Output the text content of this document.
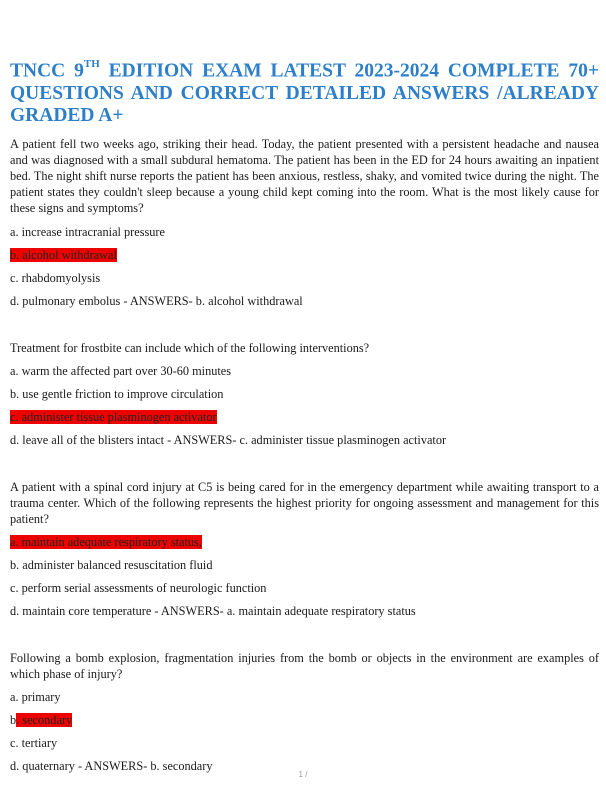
TNCC 9TH EDITION EXAM LATEST 2023-2024 COMPLETE 70+ QUESTIONS AND CORRECT DETAILED ANSWERS /ALREADY GRADED A+

A patient fell two weeks ago, striking their head. Today, the patient presented with a persistent headache and nausea and was diagnosed with a small subdural hematoma. The patient has been in the ED for 24 hours awaiting an inpatient bed. The night shift nurse reports the patient has been anxious, restless, shaky, and vomited twice during the night. The patient states they couldn't sleep because a young child kept coming into the room. What is the most likely cause for these signs and symptoms?

a. increase intracranial pressure

b. alcohol withdrawal

c. rhabdomyolysis

d. pulmonary embolus - ANSWERS- b. alcohol withdrawal

Treatment for frostbite can include which of the following interventions?

a. warm the affected part over 30-60 minutes

b. use gentle friction to improve circulation

c. administer tissue plasminogen activator

d. leave all of the blisters intact - ANSWERS- c. administer tissue plasminogen activator

A patient with a spinal cord injury at C5 is being cared for in the emergency department while awaiting transport to a trauma center. Which of the following represents the highest priority for ongoing assessment and management for this patient?

a. maintain adequate respiratory status,

b. administer balanced resuscitation fluid

c. perform serial assessments of neurologic function

d. maintain core temperature - ANSWERS- a. maintain adequate respiratory status

Following a bomb explosion, fragmentation injuries from the bomb or objects in the environment are examples of which phase of injury?

a. primary

b. secondary

c. tertiary

d. quaternary - ANSWERS- b. secondary

1 /
